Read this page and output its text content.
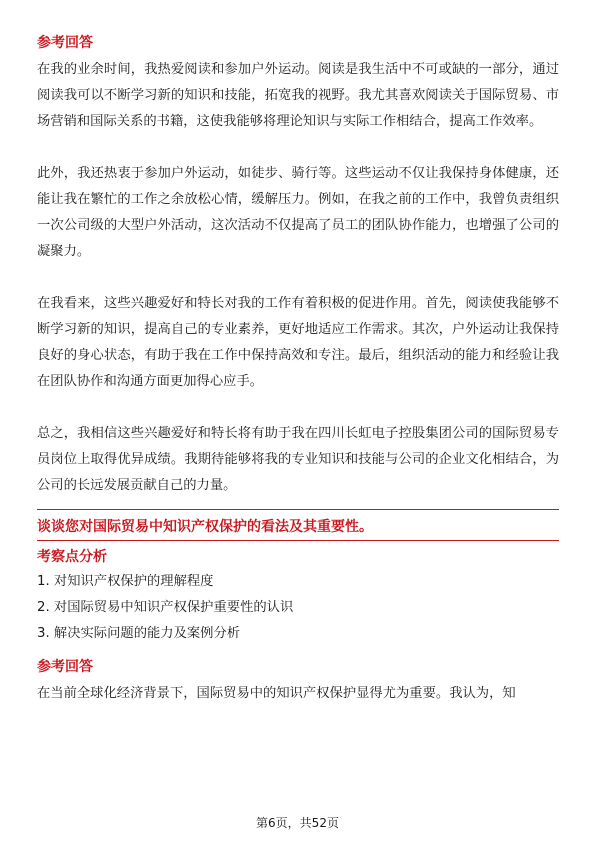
参考回答

在我的业余时间，我热爱阅读和参加户外运动。阅读是我生活中不可或缺的一部分，通过阅读我可以不断学习新的知识和技能，拓宽我的视野。我尤其喜欢阅读关于国际贸易、市场营销和国际关系的书籍，这使我能够将理论知识与实际工作相结合，提高工作效率。

此外，我还热衷于参加户外运动，如徒步、骑行等。这些运动不仅让我保持身体健康，还能让我在繁忙的工作之余放松心情，缓解压力。例如，在我之前的工作中，我曾负责组织一次公司级的大型户外活动，这次活动不仅提高了员工的团队协作能力，也增强了公司的凝聚力。

在我看来，这些兴趣爱好和特长对我的工作有着积极的促进作用。首先，阅读使我能够不断学习新的知识，提高自己的专业素养，更好地适应工作需求。其次，户外运动让我保持良好的身心状态，有助于我在工作中保持高效和专注。最后，组织活动的能力和经验让我在团队协作和沟通方面更加得心应手。

总之，我相信这些兴趣爱好和特长将有助于我在四川长虹电子控股集团公司的国际贸易专员岗位上取得优异成绩。我期待能够将我的专业知识和技能与公司的企业文化相结合，为公司的长远发展贡献自己的力量。

谈谈您对国际贸易中知识产权保护的看法及其重要性。

考察点分析

1. 对知识产权保护的理解程度

2. 对国际贸易中知识产权保护重要性的认识

3. 解决实际问题的能力及案例分析

参考回答

在当前全球化经济背景下，国际贸易中的知识产权保护显得尤为重要。我认为，知

第6页，共52页
